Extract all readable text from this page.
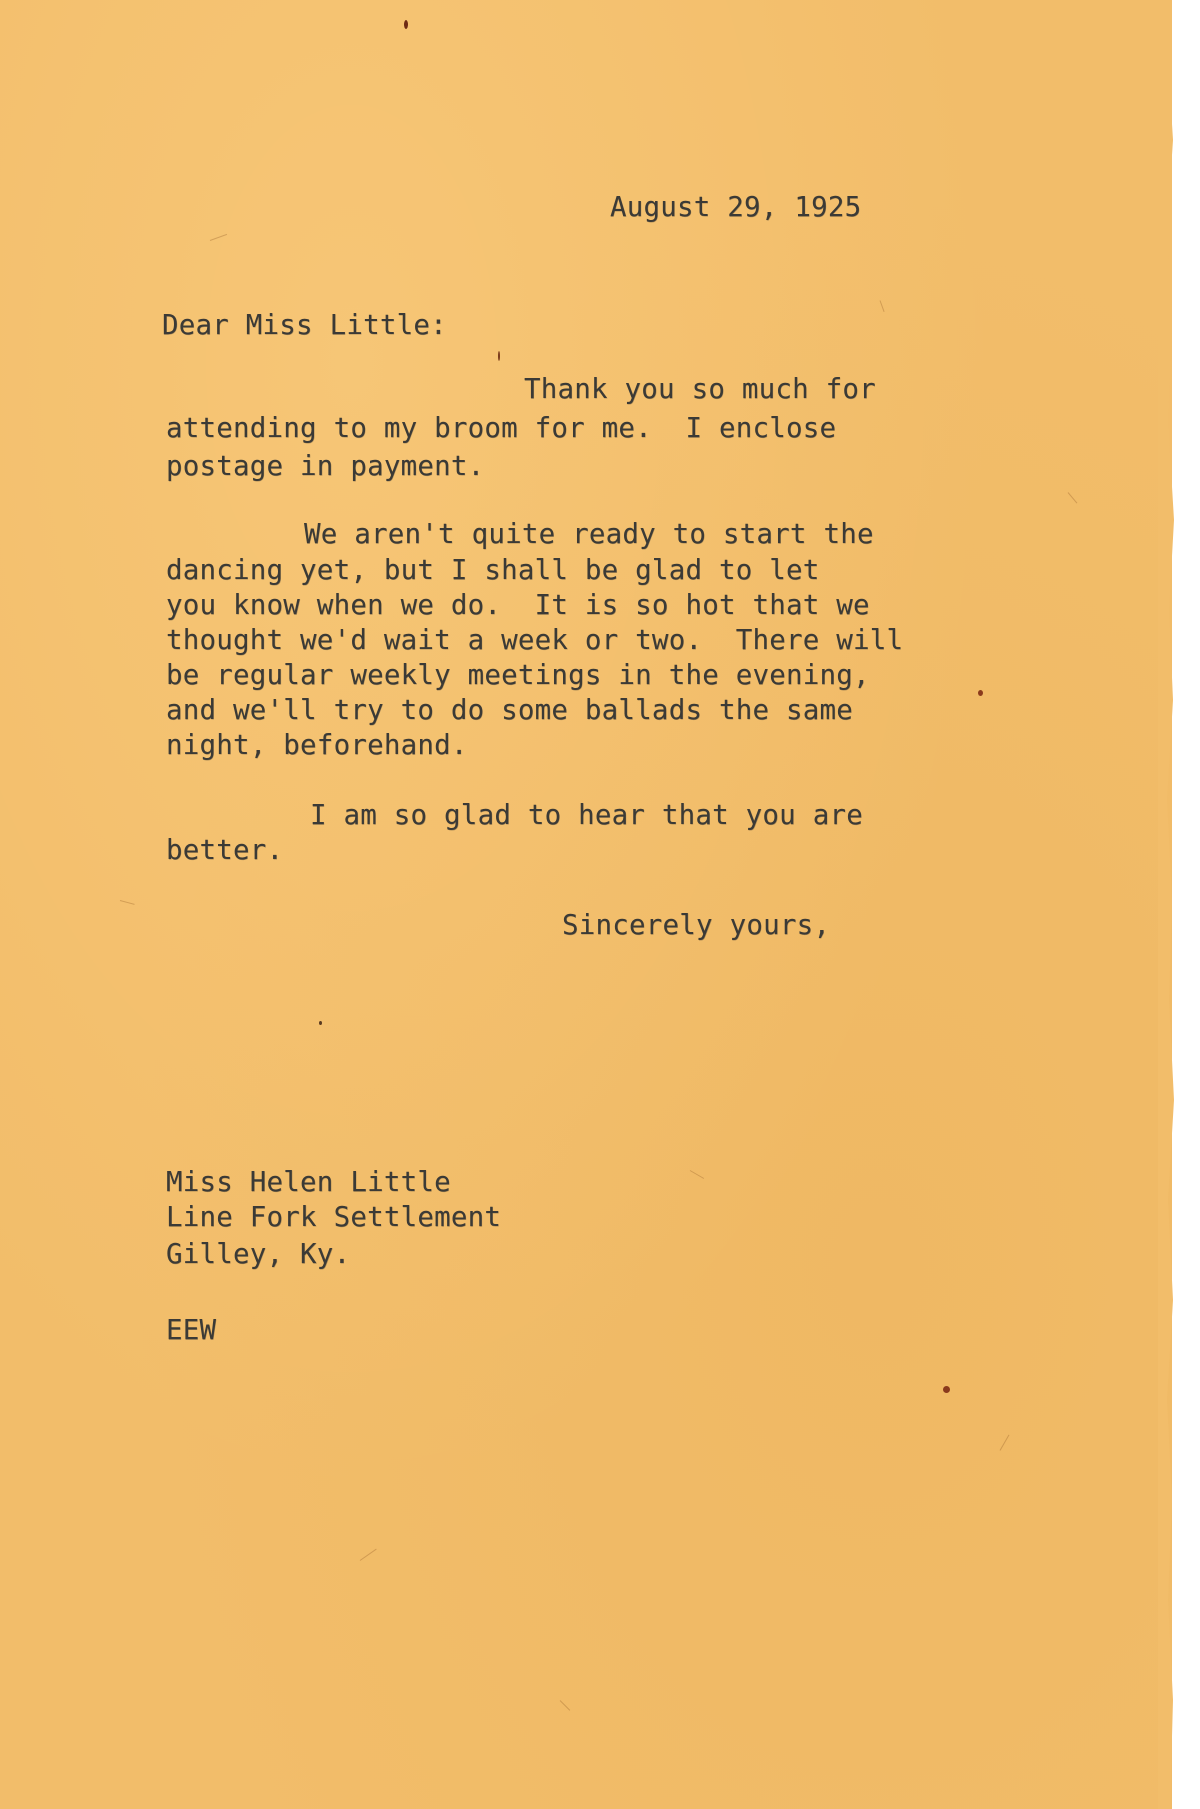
August 29, 1925
Dear Miss Little:
Thank you so much for
attending to my broom for me.  I enclose
postage in payment.
We aren't quite ready to start the
dancing yet, but I shall be glad to let
you know when we do.  It is so hot that we
thought we'd wait a week or two.  There will
be regular weekly meetings in the evening,
and we'll try to do some ballads the same
night, beforehand.
I am so glad to hear that you are
better.
Sincerely yours,
Miss Helen Little
Line Fork Settlement
Gilley, Ky.
EEW
